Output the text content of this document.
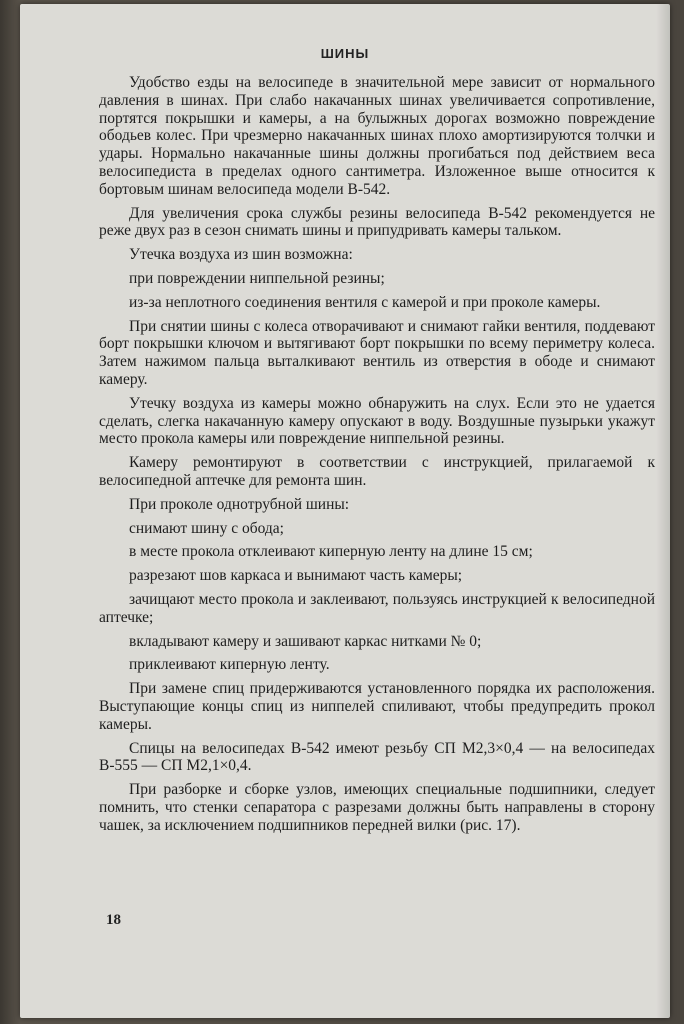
ШИНЫ

Удобство езды на велосипеде в значительной мере зависит от нормального давления в шинах. При слабо накачанных шинах увеличивается сопротивление, портятся покрышки и камеры, а на булыжных дорогах возможно повреждение ободьев колес. При чрезмерно накачанных шинах плохо амортизируются толчки и удары. Нормально накачанные шины должны прогибаться под действием веса велосипедиста в пределах одного сантиметра. Изложенное выше относится к бортовым шинам велосипеда модели В-542.

Для увеличения срока службы резины велосипеда В-542 рекомендуется не реже двух раз в сезон снимать шины и припудривать камеры тальком.

Утечка воздуха из шин возможна:

при повреждении ниппельной резины;

из-за неплотного соединения вентиля с камерой и при проколе камеры.

При снятии шины с колеса отворачивают и снимают гайки вентиля, поддевают борт покрышки ключом и вытягивают борт покрышки по всему периметру колеса. Затем нажимом пальца выталкивают вентиль из отверстия в ободе и снимают камеру.

Утечку воздуха из камеры можно обнаружить на слух. Если это не удается сделать, слегка накачанную камеру опускают в воду. Воздушные пузырьки укажут место прокола камеры или повреждение ниппельной резины.

Камеру ремонтируют в соответствии с инструкцией, прилагаемой к велосипедной аптечке для ремонта шин.

При проколе однотрубной шины:

снимают шину с обода;

в месте прокола отклеивают киперную ленту на длине 15 см;

разрезают шов каркаса и вынимают часть камеры;

зачищают место прокола и заклеивают, пользуясь инструкцией к велосипедной аптечке;

вкладывают камеру и зашивают каркас нитками № 0;

приклеивают киперную ленту.

При замене спиц придерживаются установленного порядка их расположения. Выступающие концы спиц из ниппелей спиливают, чтобы предупредить прокол камеры.

Спицы на велосипедах В-542 имеют резьбу СП М2,3×0,4 — на велосипедах В-555 — СП М2,1×0,4.

При разборке и сборке узлов, имеющих специальные подшипники, следует помнить, что стенки сепаратора с разрезами должны быть направлены в сторону чашек, за исключением подшипников передней вилки (рис. 17).

18
